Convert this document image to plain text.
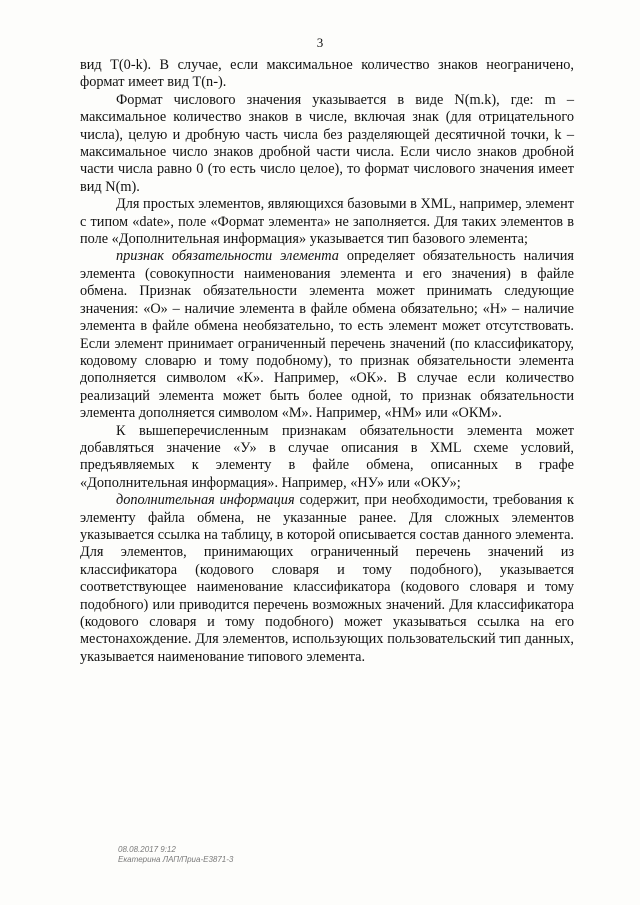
3

вид T(0-k). В случае, если максимальное количество знаков неограничено, формат имеет вид T(n-).

Формат числового значения указывается в виде N(m.k), где: m – максимальное количество знаков в числе, включая знак (для отрицательного числа), целую и дробную часть числа без разделяющей десятичной точки, k – максимальное число знаков дробной части числа. Если число знаков дробной части числа равно 0 (то есть число целое), то формат числового значения имеет вид N(m).

Для простых элементов, являющихся базовыми в XML, например, элемент с типом «date», поле «Формат элемента» не заполняется. Для таких элементов в поле «Дополнительная информация» указывается тип базового элемента;

признак обязательности элемента определяет обязательность наличия элемента (совокупности наименования элемента и его значения) в файле обмена. Признак обязательности элемента может принимать следующие значения: «О» – наличие элемента в файле обмена обязательно; «Н» – наличие элемента в файле обмена необязательно, то есть элемент может отсутствовать. Если элемент принимает ограниченный перечень значений (по классификатору, кодовому словарю и тому подобному), то признак обязательности элемента дополняется символом «К». Например, «ОК». В случае если количество реализаций элемента может быть более одной, то признак обязательности элемента дополняется символом «М». Например, «НМ» или «ОКМ».

К вышеперечисленным признакам обязательности элемента может добавляться значение «У» в случае описания в XML схеме условий, предъявляемых к элементу в файле обмена, описанных в графе «Дополнительная информация». Например, «НУ» или «ОКУ»;

дополнительная информация содержит, при необходимости, требования к элементу файла обмена, не указанные ранее. Для сложных элементов указывается ссылка на таблицу, в которой описывается состав данного элемента. Для элементов, принимающих ограниченный перечень значений из классификатора (кодового словаря и тому подобного), указывается соответствующее наименование классификатора (кодового словаря и тому подобного) или приводится перечень возможных значений. Для классификатора (кодового словаря и тому подобного) может указываться ссылка на его местонахождение. Для элементов, использующих пользовательский тип данных, указывается наименование типового элемента.

08.08.2017 9:12
Екатерина ЛАП/Приа-Е3871-3
